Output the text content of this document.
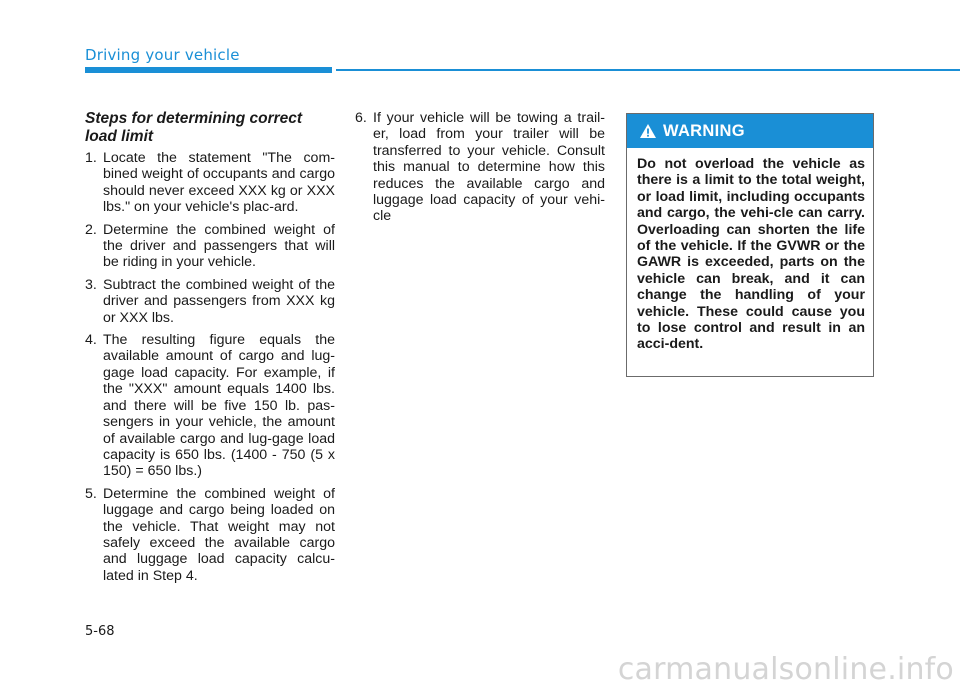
Driving your vehicle
Steps for determining correct load limit
1. Locate the statement "The com-bined weight of occupants and cargo should never exceed XXX kg or XXX lbs." on your vehicle's plac-ard.
2. Determine the combined weight of the driver and passengers that will be riding in your vehicle.
3. Subtract the combined weight of the driver and passengers from XXX kg or XXX lbs.
4. The resulting figure equals the available amount of cargo and lug-gage load capacity. For example, if the "XXX" amount equals 1400 lbs. and there will be five 150 lb. pas-sengers in your vehicle, the amount of available cargo and lug-gage load capacity is 650 lbs. (1400 - 750 (5 x 150) = 650 lbs.)
5. Determine the combined weight of luggage and cargo being loaded on the vehicle. That weight may not safely exceed the available cargo and luggage load capacity calcu-lated in Step 4.
6. If your vehicle will be towing a trail-er, load from your trailer will be transferred to your vehicle. Consult this manual to determine how this reduces the available cargo and luggage load capacity of your vehi-cle
WARNING
Do not overload the vehicle as there is a limit to the total weight, or load limit, including occupants and cargo, the vehi-cle can carry. Overloading can shorten the life of the vehicle. If the GVWR or the GAWR is exceeded, parts on the vehicle can break, and it can change the handling of your vehicle. These could cause you to lose control and result in an acci-dent.
5-68
carmanualsonline.info
